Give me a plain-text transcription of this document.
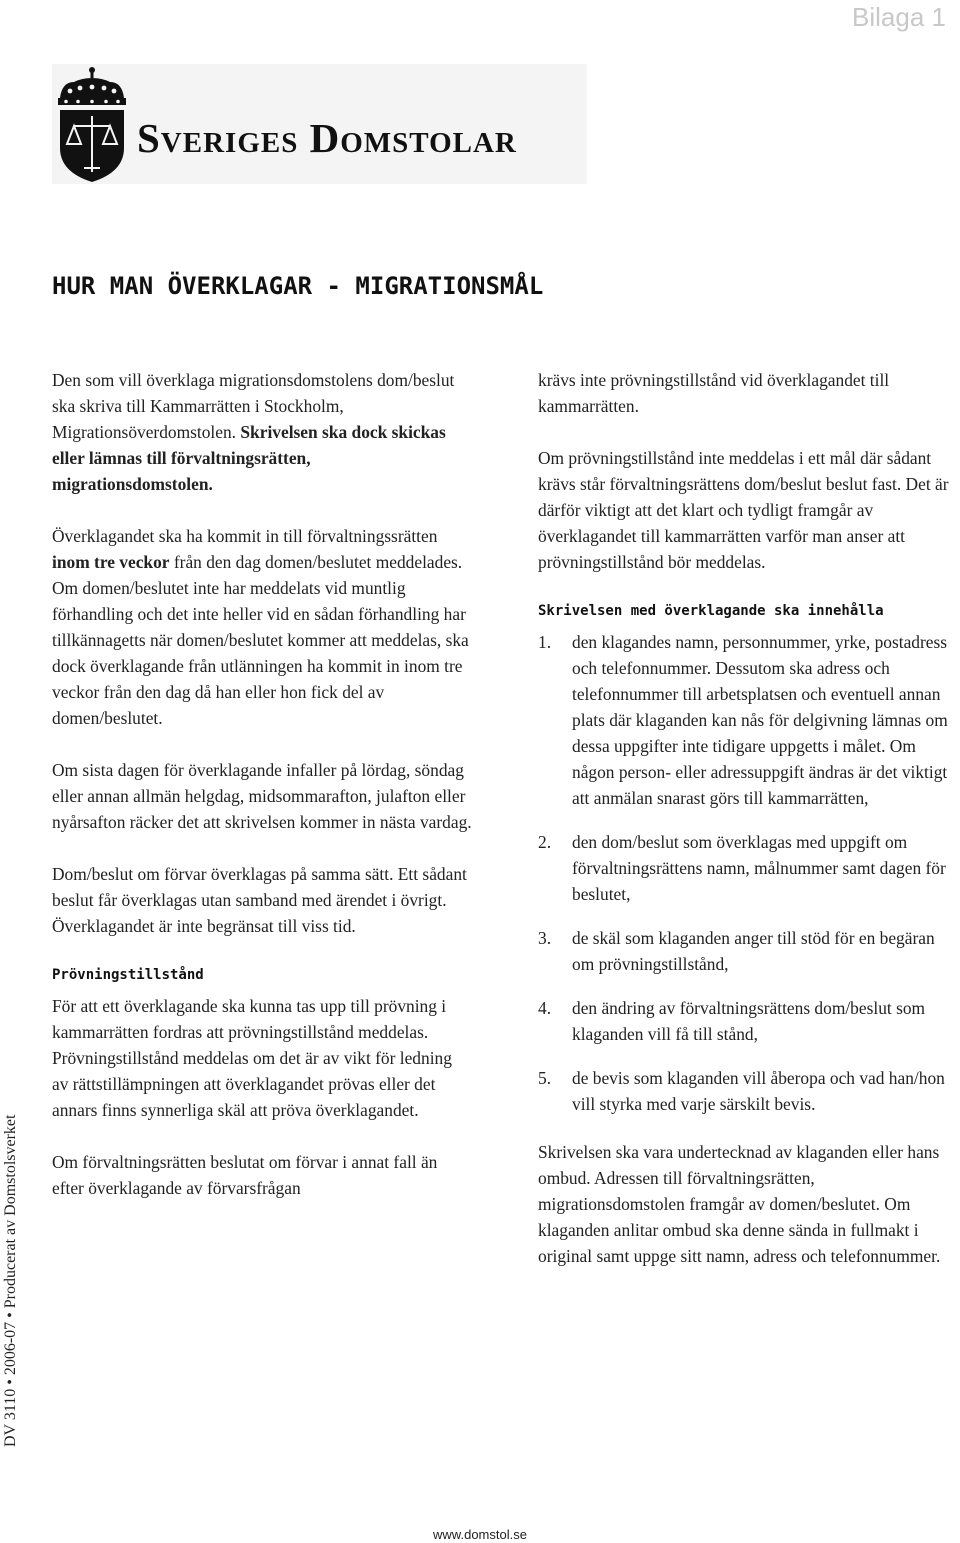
Bilaga 1
Sveriges Domstolar
HUR MAN ÖVERKLAGAR - MIGRATIONSMÅL

Den som vill överklaga migrationsdomstolens dom/beslut ska skriva till Kammarrätten i Stockholm, Migrationsöverdomstolen. Skrivelsen ska dock skickas eller lämnas till förvaltningsrätten, migrationsdomstolen.

Överklagandet ska ha kommit in till förvaltningssrätten inom tre veckor från den dag domen/beslutet meddelades. Om domen/beslutet inte har meddelats vid muntlig förhandling och det inte heller vid en sådan förhandling har tillkännagetts när domen/beslutet kommer att meddelas, ska dock överklagande från utlänningen ha kommit in inom tre veckor från den dag då han eller hon fick del av domen/beslutet.

Om sista dagen för överklagande infaller på lördag, söndag eller annan allmän helgdag, midsommarafton, julafton eller nyårsafton räcker det att skrivelsen kommer in nästa vardag.

Dom/beslut om förvar överklagas på samma sätt. Ett sådant beslut får överklagas utan samband med ärendet i övrigt. Överklagandet är inte begränsat till viss tid.

Prövningstillstånd

För att ett överklagande ska kunna tas upp till prövning i kammarrätten fordras att prövningstillstånd meddelas. Prövningstillstånd meddelas om det är av vikt för ledning av rättstillämpningen att överklagandet prövas eller det annars finns synnerliga skäl att pröva överklagandet.

Om förvaltningsrätten beslutat om förvar i annat fall än efter överklagande av förvarsfrågan

krävs inte prövningstillstånd vid överklagandet till kammarrätten.

Om prövningstillstånd inte meddelas i ett mål där sådant krävs står förvaltningsrättens dom/beslut beslut fast. Det är därför viktigt att det klart och tydligt framgår av överklagandet till kammarrätten varför man anser att prövningstillstånd bör meddelas.

Skrivelsen med överklagande ska innehålla
1.	den klagandes namn, personnummer, yrke, postadress och telefonnummer. Dessutom ska adress och telefonnummer till arbetsplatsen och eventuell annan plats där klaganden kan nås för delgivning lämnas om dessa uppgifter inte tidigare uppgetts i målet. Om någon person- eller adressuppgift ändras är det viktigt att anmälan snarast görs till kammarrätten,
2.	den dom/beslut som överklagas med uppgift om förvaltningsrättens namn, målnummer samt dagen för beslutet,
3.	de skäl som klaganden anger till stöd för en begäran om prövningstillstånd,
4.	den ändring av förvaltningsrättens dom/beslut som klaganden vill få till stånd,
5.	de bevis som klaganden vill åberopa och vad han/hon vill styrka med varje särskilt bevis.

Skrivelsen ska vara undertecknad av klaganden eller hans ombud. Adressen till förvaltningsrätten, migrationsdomstolen framgår av domen/beslutet. Om klaganden anlitar ombud ska denne sända in fullmakt i original samt uppge sitt namn, adress och telefonnummer.

DV 3110 • 2006-07 • Producerat av Domstolsverket
www.domstol.se
